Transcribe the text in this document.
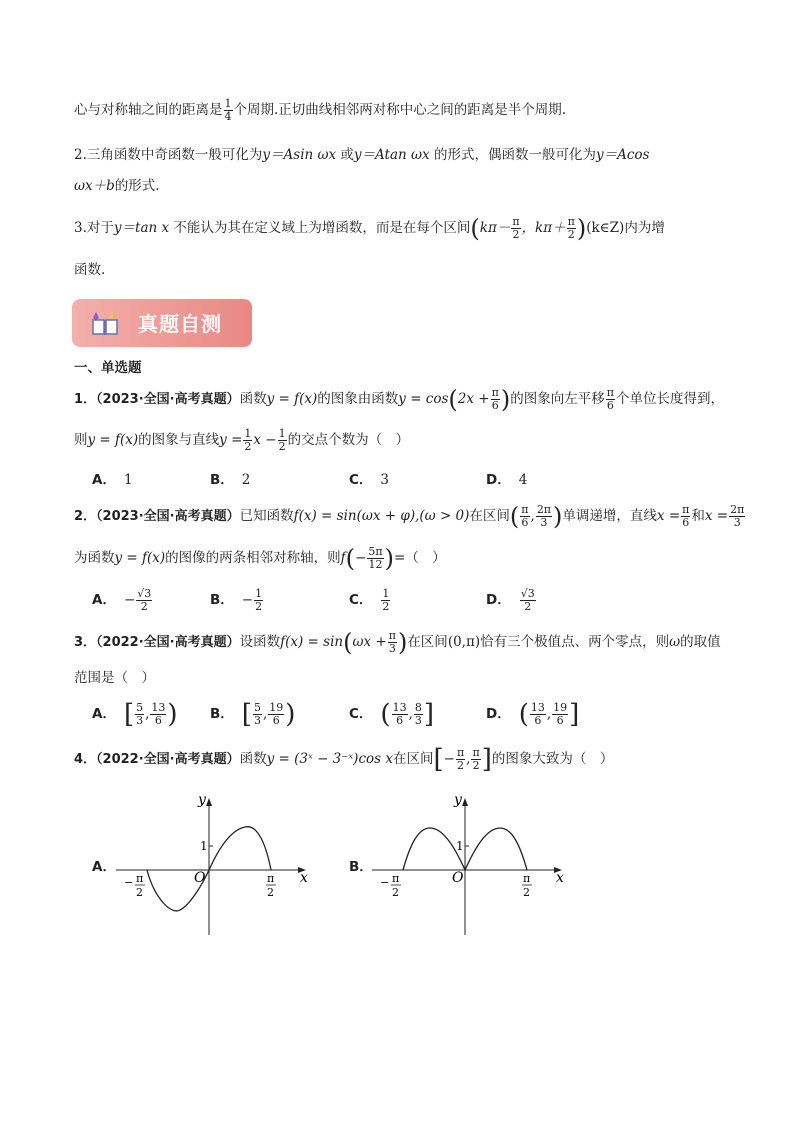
心与对称轴之间的距离是 $\frac{1}{4}$ 个周期.正切曲线相邻两对称中心之间的距离是半个周期.
2.三角函数中奇函数一般可化为y＝Asin ωx 或y＝Atan ωx 的形式，偶函数一般可化为y＝Acos
ωx＋b的形式.
3.对于y＝tan x 不能认为其在定义域上为增函数，而是在每个区间($k\pi- \frac{\pi}{2}$ ，$k\pi+ \frac{\pi}{2}$ )(k∈Z)内为增
函数.
真题自测
一、单选题
1．（2023·全国·高考真题）函数y = f(x)的图象由函数$y = \cos(2x + \frac{\pi}{6}$ )的图象向左平移 $\frac{\pi}{6}$ 个单位长度得到，
则y = f(x)的图象与直线$y = \frac{1}{2}$ $x - \frac{1}{2}$ 的交点个数为（　）
A． 1	B． 2	C． 3	D． 4
2．（2023·全国·高考真题）已知函数f(x) = sin(ωx + φ),(ω > 0)在区间( $\frac{\pi}{6}$ , $\frac{2\pi}{3}$ )单调递增，直线$x = \frac{\pi}{6}$ 和$x = \frac{2\pi}{3}$
为函数y = f(x)的图像的两条相邻对称轴，则$f(- \frac{5\pi}{12}$ )=（　）
A． − $\frac{√3}{2}$	B． − $\frac{1}{2}$	C． $\frac{1}{2}$	D． $\frac{√3}{2}$
3．（2022·全国·高考真题）设函数$f(x) = \sin(\omega x + \frac{\pi}{3}$ )在区间(0,π)恰有三个极值点、两个零点，则ω的取值
范围是（　）
A． [ $\frac{5}{3}$ , $\frac{13}{6}$ ) B． [ $\frac{5}{3}$ , $\frac{19}{6}$ )	C． ( $\frac{13}{6}$ , $\frac{8}{3}$ ]	D． ( $\frac{13}{6}$ , $\frac{19}{6}$ ]
4．（2022·全国·高考真题）函数y = (3ˣ − 3⁻ˣ)cos x在区间[− $\frac{\pi}{2}$ , $\frac{\pi}{2}$ ]的图象大致为（　）
A．
y
x
O
1
− π
2
π
2
B．
y
x
O
1
− π
2
π
2
